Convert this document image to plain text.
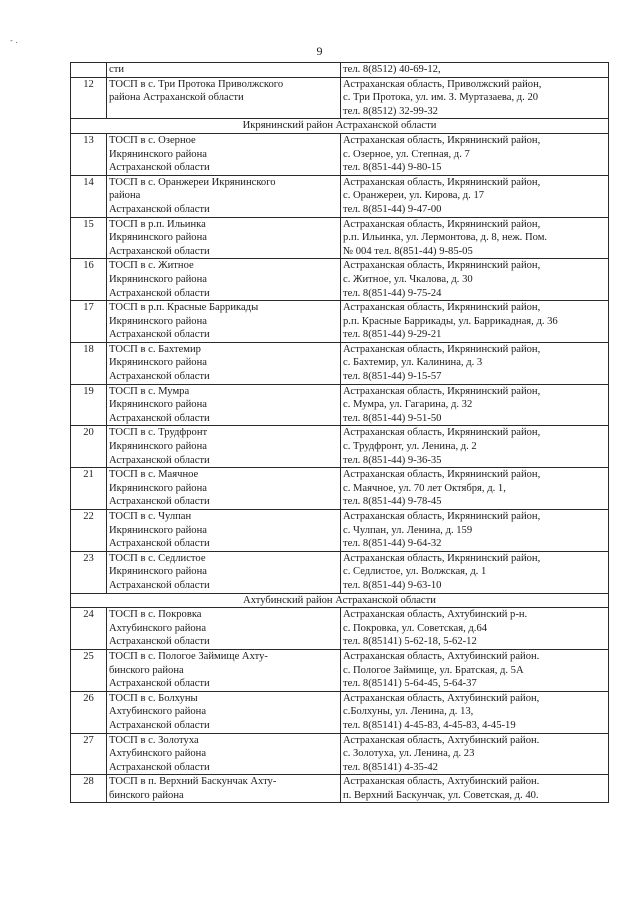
- .
9

	сти	тел. 8(8512) 40-69-12,

12	ТОСП в с. Три Протока Приволжского
района Астраханской области	Астраханская область, Приволжский район,
с. Три Протока, ул. им. З. Муртазаева, д. 20
тел. 8(8512) 32-99-32

Икрянинский район Астраханской области		
13	ТОСП в с. Озерное
Икрянинского района
Астраханской области	Астраханская область, Икрянинский район,
с. Озерное, ул. Степная, д. 7
тел. 8(851-44) 9-80-15

14	ТОСП в с. Оранжереи Икрянинского
района
Астраханской области	Астраханская область, Икрянинский район,
с. Оранжереи, ул. Кирова, д. 17
тел. 8(851-44) 9-47-00

15	ТОСП в р.п. Ильинка
Икрянинского района
Астраханской области	Астраханская область, Икрянинский район,
р.п. Ильинка, ул. Лермонтова, д. 8, неж. Пом.
№ 004 тел. 8(851-44) 9-85-05

16	ТОСП в с. Житное
Икрянинского района
Астраханской области	Астраханская область, Икрянинский район,
с. Житное, ул. Чкалова, д. 30
тел. 8(851-44) 9-75-24

17	ТОСП в р.п. Красные Баррикады
Икрянинского района
Астраханской области	Астраханская область, Икрянинский район,
р.п. Красные Баррикады, ул. Баррикадная, д. 36
тел. 8(851-44) 9-29-21

18	ТОСП в с. Бахтемир
Икрянинского района
Астраханской области	Астраханская область, Икрянинский район,
с. Бахтемир, ул. Калинина, д. 3
тел. 8(851-44) 9-15-57

19	ТОСП в с. Мумра
Икрянинского района
Астраханской области	Астраханская область, Икрянинский район,
с. Мумра, ул. Гагарина, д. 32
тел. 8(851-44) 9-51-50

20	ТОСП в с. Трудфронт
Икрянинского района
Астраханской области	Астраханская область, Икрянинский район,
с. Трудфронт, ул. Ленина, д. 2
тел. 8(851-44) 9-36-35

21	ТОСП в с. Маячное
Икрянинского района
Астраханской области	Астраханская область, Икрянинский район,
с. Маячное, ул. 70 лет Октября, д. 1,
тел. 8(851-44) 9-78-45

22	ТОСП в с. Чулпан
Икрянинского района
Астраханской области	Астраханская область, Икрянинский район,
с. Чулпан, ул. Ленина, д. 159
тел. 8(851-44) 9-64-32

23	ТОСП в с. Седлистое
Икрянинского района
Астраханской области	Астраханская область, Икрянинский район,
с. Седлистое, ул. Волжская, д. 1
тел. 8(851-44) 9-63-10

Ахтубинский район Астраханской области		
24	ТОСП в с. Покровка
Ахтубинского района
Астраханской области	Астраханская область, Ахтубинский р-н.
с. Покровка, ул. Советская, д.64
тел. 8(85141) 5-62-18, 5-62-12

25	ТОСП в с. Пологое Займище Ахту-
бинского района
Астраханской области	Астраханская область, Ахтубинский район.
с. Пологое Займище, ул. Братская, д. 5А
тел. 8(85141) 5-64-45, 5-64-37

26	ТОСП в с. Болхуны
Ахтубинского района
Астраханской области	Астраханская область, Ахтубинский район,
с.Болхуны, ул. Ленина, д. 13,
тел. 8(85141) 4-45-83, 4-45-83, 4-45-19

27	ТОСП в с. Золотуха
Ахтубинского района
Астраханской области	Астраханская область, Ахтубинский район.
с. Золотуха, ул. Ленина, д. 23
тел. 8(85141) 4-35-42

28	ТОСП в п. Верхний Баскунчак Ахту-
бинского района	Астраханская область, Ахтубинский район.
п. Верхний Баскунчак, ул. Советская, д. 40.
